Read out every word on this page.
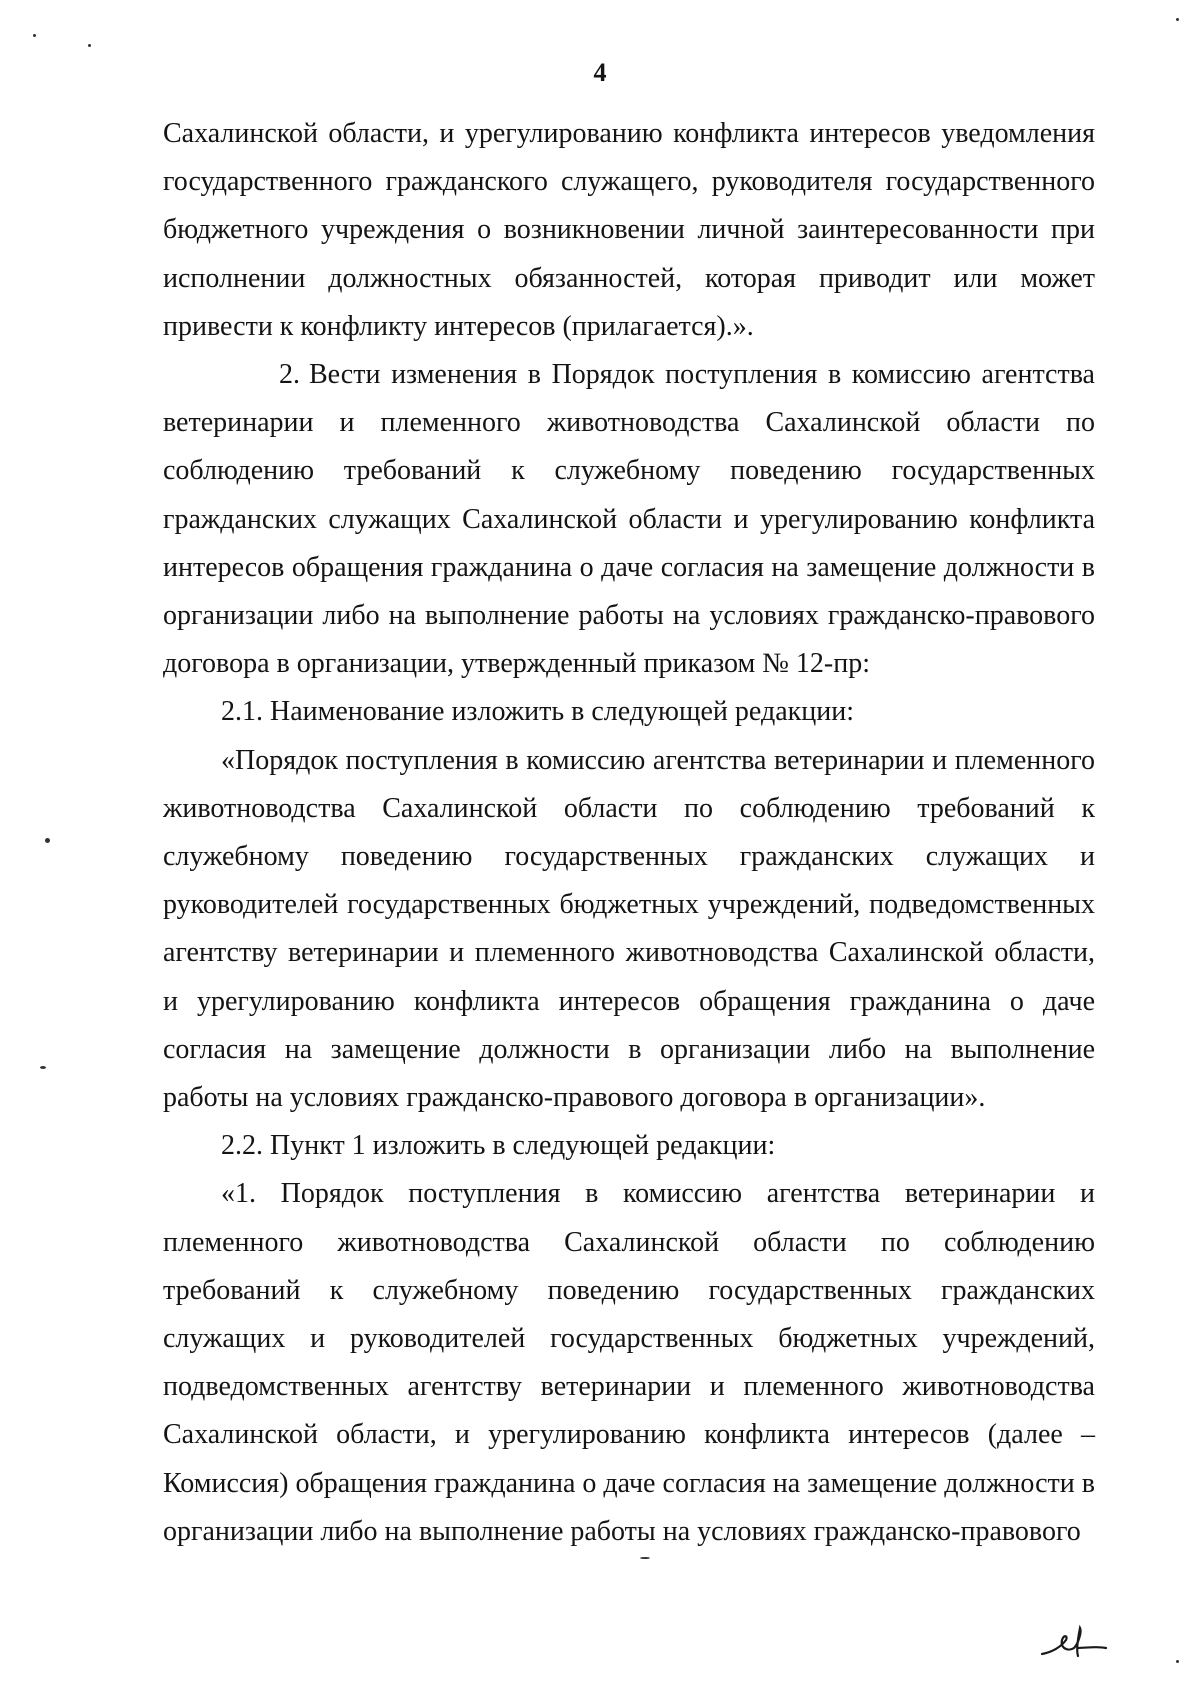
4

Сахалинской области, и урегулированию конфликта интересов уведомления государственного гражданского служащего, руководителя государственного бюджетного учреждения о возникновении личной заинтересованности при исполнении должностных обязанностей, которая приводит или может привести к конфликту интересов (прилагается).».

2. Вести изменения в Порядок поступления в комиссию агентства ветеринарии и племенного животноводства Сахалинской области по соблюдению требований к служебному поведению государственных гражданских служащих Сахалинской области и урегулированию конфликта интересов обращения гражданина о даче согласия на замещение должности в организации либо на выполнение работы на условиях гражданско-правового договора в организации, утвержденный приказом № 12-пр:

2.1. Наименование изложить в следующей редакции:

«Порядок поступления в комиссию агентства ветеринарии и племенного животноводства Сахалинской области по соблюдению требований к служебному поведению государственных гражданских служащих и руководителей государственных бюджетных учреждений, подведомственных агентству ветеринарии и племенного животноводства Сахалинской области, и урегулированию конфликта интересов обращения гражданина о даче согласия на замещение должности в организации либо на выполнение работы на условиях гражданско-правового договора в организации».

2.2. Пункт 1 изложить в следующей редакции:

«1. Порядок поступления в комиссию агентства ветеринарии и племенного животноводства Сахалинской области по соблюдению требований к служебному поведению государственных гражданских служащих и руководителей государственных бюджетных учреждений, подведомственных агентству ветеринарии и племенного животноводства Сахалинской области, и урегулированию конфликта интересов (далее – Комиссия) обращения гражданина о даче согласия на замещение должности в организации либо на выполнение работы на условиях гражданско-правового
